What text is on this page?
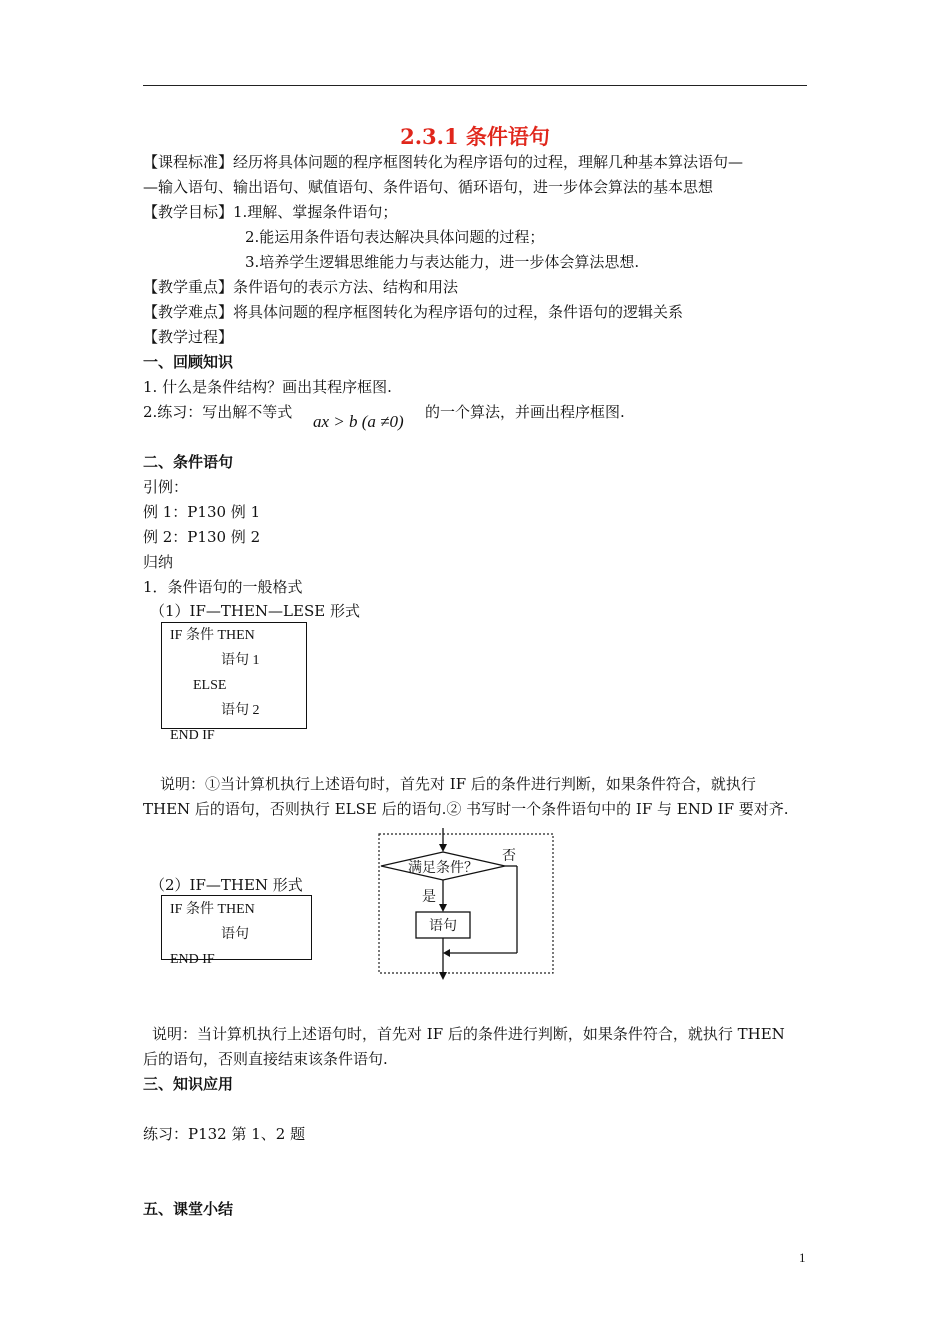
2.3.1 条件语句
【课程标准】经历将具体问题的程序框图转化为程序语句的过程，理解几种基本算法语句—
—输入语句、输出语句、赋值语句、条件语句、循环语句，进一步体会算法的基本思想
【教学目标】1.理解、掌握条件语句；
2.能运用条件语句表达解决具体问题的过程；
3.培养学生逻辑思维能力与表达能力，进一步体会算法思想.
【教学重点】条件语句的表示方法、结构和用法
【教学难点】将具体问题的程序框图转化为程序语句的过程，条件语句的逻辑关系
【教学过程】
一、回顾知识
1. 什么是条件结构？画出其程序框图.
2.练习：写出解不等式 ax > b (a ≠0) 的一个算法，并画出程序框图.
二、条件语句
引例：
例 1：P130 例 1
例 2：P130 例 2
归纳
1．条件语句的一般格式
（1）IF—THEN—LESE 形式
IF 条件 THEN
语句 1
ELSE
语句 2
END IF
说明：①当计算机执行上述语句时，首先对 IF 后的条件进行判断，如果条件符合，就执行
THEN 后的语句，否则执行 ELSE 后的语句.② 书写时一个条件语句中的 IF 与 END IF 要对齐.
（2）IF—THEN 形式
IF 条件 THEN
语句
END IF
满足条件？
否
是
语句
说明：当计算机执行上述语句时，首先对 IF 后的条件进行判断，如果条件符合，就执行 THEN
后的语句，否则直接结束该条件语句.
三、知识应用
练习：P132 第 1、2 题
五、课堂小结
1
